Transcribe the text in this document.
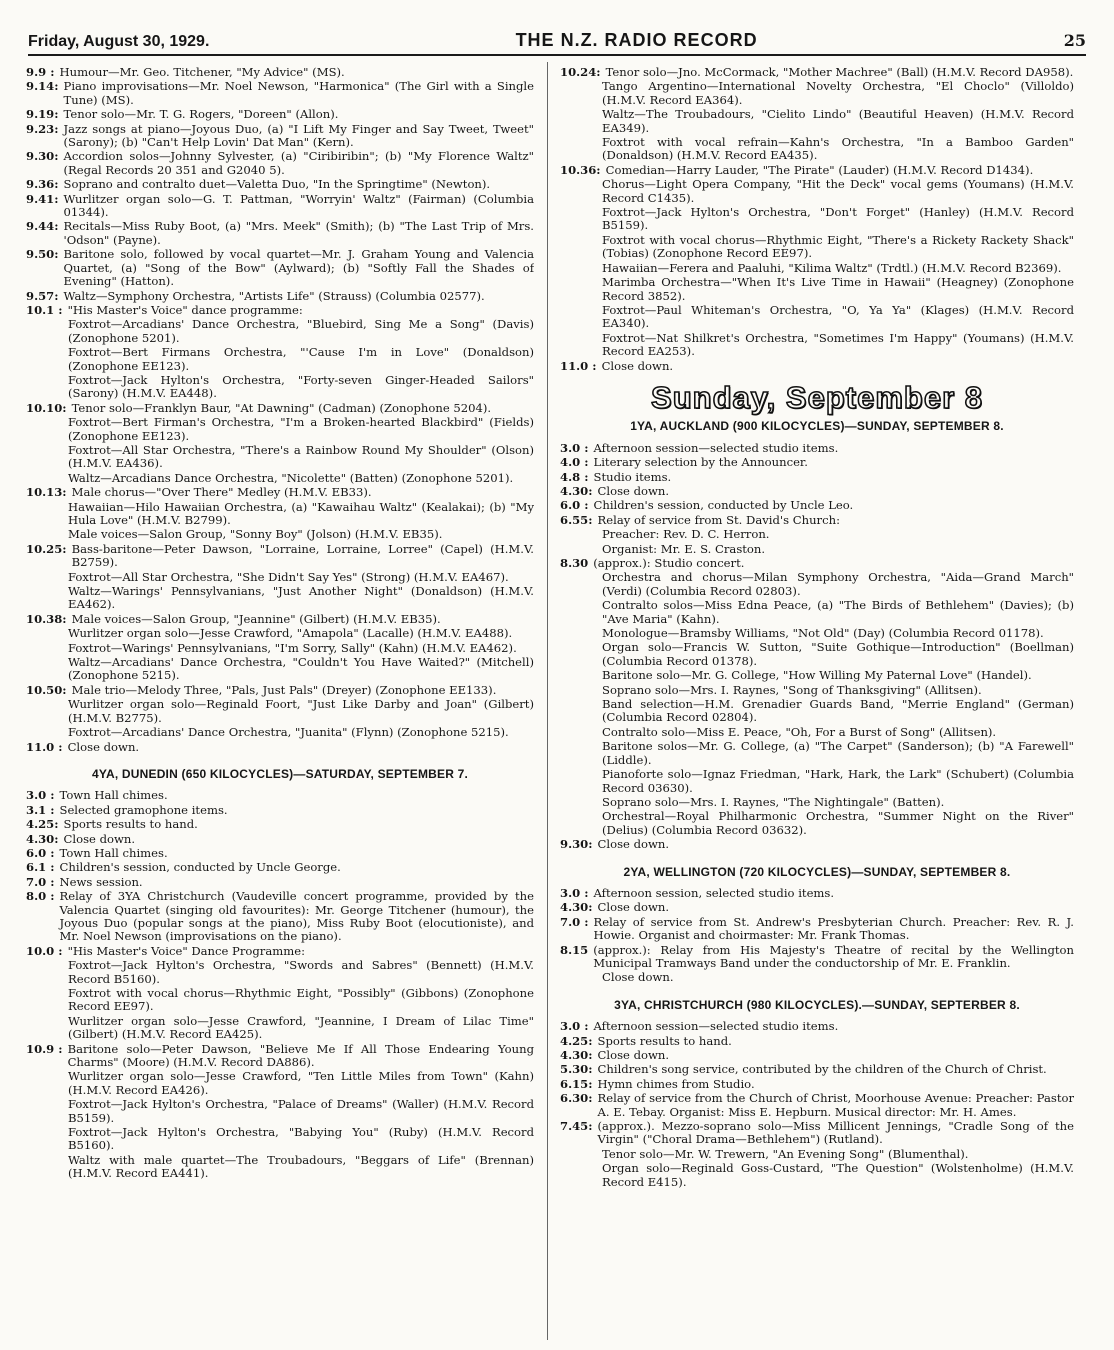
Friday, August 30, 1929.	THE N.Z. RADIO RECORD	25
9.9 : Humour—Mr. Geo. Titchener, "My Advice" (MS).
9.14: Piano improvisations—Mr. Noel Newson, "Harmonica" (The Girl with a Single Tune) (MS).
9.19: Tenor solo—Mr. T. G. Rogers, "Doreen" (Allon).
9.23: Jazz songs at piano—Joyous Duo, (a) "I Lift My Finger and Say Tweet, Tweet" (Sarony); (b) "Can't Help Lovin' Dat Man" (Kern).
9.30: Accordion solos—Johnny Sylvester, (a) "Ciribiribin"; (b) "My Florence Waltz" (Regal Records 20 351 and G2040 5).
9.36: Soprano and contralto duet—Valetta Duo, "In the Springtime" (Newton).
9.41: Wurlitzer organ solo—G. T. Pattman, "Worryin' Waltz" (Fairman) (Columbia 01344).
9.44: Recitals—Miss Ruby Boot, (a) "Mrs. Meek" (Smith); (b) "The Last Trip of Mrs. 'Odson" (Payne).
9.50: Baritone solo, followed by vocal quartet—Mr. J. Graham Young and Valencia Quartet, (a) "Song of the Bow" (Aylward); (b) "Softly Fall the Shades of Evening" (Hatton).
9.57: Waltz—Symphony Orchestra, "Artists Life" (Strauss) (Columbia 02577).
10.1 : "His Master's Voice" dance programme:
Foxtrot—Arcadians' Dance Orchestra, "Bluebird, Sing Me a Song" (Davis) (Zonophone 5201).
Foxtrot—Bert Firmans Orchestra, "'Cause I'm in Love" (Donaldson) (Zonophone EE123).
Foxtrot—Jack Hylton's Orchestra, "Forty-seven Ginger-Headed Sailors" (Sarony) (H.M.V. EA448).
10.10: Tenor solo—Franklyn Baur, "At Dawning" (Cadman) (Zonophone 5204).
Foxtrot—Bert Firman's Orchestra, "I'm a Broken-hearted Blackbird" (Fields) (Zonophone EE123).
Foxtrot—All Star Orchestra, "There's a Rainbow Round My Shoulder" (Olson) (H.M.V. EA436).
Waltz—Arcadians Dance Orchestra, "Nicolette" (Batten) (Zonophone 5201).
10.13: Male chorus—"Over There" Medley (H.M.V. EB33).
Hawaiian—Hilo Hawaiian Orchestra, (a) "Kawaihau Waltz" (Kealakai); (b) "My Hula Love" (H.M.V. B2799).
Male voices—Salon Group, "Sonny Boy" (Jolson) (H.M.V. EB35).
10.25: Bass-baritone—Peter Dawson, "Lorraine, Lorraine, Lorree" (Capel) (H.M.V. B2759).
Foxtrot—All Star Orchestra, "She Didn't Say Yes" (Strong) (H.M.V. EA467).
Waltz—Warings' Pennsylvanians, "Just Another Night" (Donaldson) (H.M.V. EA462).
10.38: Male voices—Salon Group, "Jeannine" (Gilbert) (H.M.V. EB35).
Wurlitzer organ solo—Jesse Crawford, "Amapola" (Lacalle) (H.M.V. EA488).
Foxtrot—Warings' Pennsylvanians, "I'm Sorry, Sally" (Kahn) (H.M.V. EA462).
Waltz—Arcadians' Dance Orchestra, "Couldn't You Have Waited?" (Mitchell) (Zonophone 5215).
10.50: Male trio—Melody Three, "Pals, Just Pals" (Dreyer) (Zonophone EE133).
Wurlitzer organ solo—Reginald Foort, "Just Like Darby and Joan" (Gilbert) (H.M.V. B2775).
Foxtrot—Arcadians' Dance Orchestra, "Juanita" (Flynn) (Zonophone 5215).
11.0 : Close down.
4YA, DUNEDIN (650 KILOCYCLES)—SATURDAY, SEPTEMBER 7.
3.0 : Town Hall chimes.
3.1 : Selected gramophone items.
4.25: Sports results to hand.
4.30: Close down.
6.0 : Town Hall chimes.
6.1 : Children's session, conducted by Uncle George.
7.0 : News session.
8.0 : Relay of 3YA Christchurch (Vaudeville concert programme, provided by the Valencia Quartet (singing old favourites): Mr. George Titchener (humour), the Joyous Duo (popular songs at the piano), Miss Ruby Boot (elocutioniste), and Mr. Noel Newson (improvisations on the piano).
10.0 : "His Master's Voice" Dance Programme:
Foxtrot—Jack Hylton's Orchestra, "Swords and Sabres" (Bennett) (H.M.V. Record B5160).
Foxtrot with vocal chorus—Rhythmic Eight, "Possibly" (Gibbons) (Zonophone Record EE97).
Wurlitzer organ solo—Jesse Crawford, "Jeannine, I Dream of Lilac Time" (Gilbert) (H.M.V. Record EA425).
10.9 : Baritone solo—Peter Dawson, "Believe Me If All Those Endearing Young Charms" (Moore) (H.M.V. Record DA886).
Wurlitzer organ solo—Jesse Crawford, "Ten Little Miles from Town" (Kahn) (H.M.V. Record EA426).
Foxtrot—Jack Hylton's Orchestra, "Palace of Dreams" (Waller) (H.M.V. Record B5159).
Foxtrot—Jack Hylton's Orchestra, "Babying You" (Ruby) (H.M.V. Record B5160).
Waltz with male quartet—The Troubadours, "Beggars of Life" (Brennan) (H.M.V. Record EA441).
10.24: Tenor solo—Jno. McCormack, "Mother Machree" (Ball) (H.M.V. Record DA958).
Tango Argentino—International Novelty Orchestra, "El Choclo" (Villoldo) (H.M.V. Record EA364).
Waltz—The Troubadours, "Cielito Lindo" (Beautiful Heaven) (H.M.V. Record EA349).
Foxtrot with vocal refrain—Kahn's Orchestra, "In a Bamboo Garden" (Donaldson) (H.M.V. Record EA435).
10.36: Comedian—Harry Lauder, "The Pirate" (Lauder) (H.M.V. Record D1434).
Chorus—Light Opera Company, "Hit the Deck" vocal gems (Youmans) (H.M.V. Record C1435).
Foxtrot—Jack Hylton's Orchestra, "Don't Forget" (Hanley) (H.M.V. Record B5159).
Foxtrot with vocal chorus—Rhythmic Eight, "There's a Rickety Rackety Shack" (Tobias) (Zonophone Record EE97).
Hawaiian—Ferera and Paaluhi, "Kilima Waltz" (Trdtl.) (H.M.V. Record B2369).
Marimba Orchestra—"When It's Live Time in Hawaii" (Heagney) (Zonophone Record 3852).
Foxtrot—Paul Whiteman's Orchestra, "O, Ya Ya" (Klages) (H.M.V. Record EA340).
Foxtrot—Nat Shilkret's Orchestra, "Sometimes I'm Happy" (Youmans) (H.M.V. Record EA253).
11.0 : Close down.
Sunday, September 8
1YA, AUCKLAND (900 KILOCYCLES)—SUNDAY, SEPTEMBER 8.
3.0 : Afternoon session—selected studio items.
4.0 : Literary selection by the Announcer.
4.8 : Studio items.
4.30: Close down.
6.0 : Children's session, conducted by Uncle Leo.
6.55: Relay of service from St. David's Church:
Preacher: Rev. D. C. Herron.
Organist: Mr. E. S. Craston.
8.30 (approx.): Studio concert.
Orchestra and chorus—Milan Symphony Orchestra, "Aida—Grand March" (Verdi) (Columbia Record 02803).
Contralto solos—Miss Edna Peace, (a) "The Birds of Bethlehem" (Davies); (b) "Ave Maria" (Kahn).
Monologue—Bramsby Williams, "Not Old" (Day) (Columbia Record 01178).
Organ solo—Francis W. Sutton, "Suite Gothique—Introduction" (Boellman) (Columbia Record 01378).
Baritone solo—Mr. G. College, "How Willing My Paternal Love" (Handel).
Soprano solo—Mrs. I. Raynes, "Song of Thanksgiving" (Allitsen).
Band selection—H.M. Grenadier Guards Band, "Merrie England" (German) (Columbia Record 02804).
Contralto solo—Miss E. Peace, "Oh, For a Burst of Song" (Allitsen).
Baritone solos—Mr. G. College, (a) "The Carpet" (Sanderson); (b) "A Farewell" (Liddle).
Pianoforte solo—Ignaz Friedman, "Hark, Hark, the Lark" (Schubert) (Columbia Record 03630).
Soprano solo—Mrs. I. Raynes, "The Nightingale" (Batten).
Orchestral—Royal Philharmonic Orchestra, "Summer Night on the River" (Delius) (Columbia Record 03632).
9.30: Close down.
2YA, WELLINGTON (720 KILOCYCLES)—SUNDAY, SEPTEMBER 8.
3.0 : Afternoon session, selected studio items.
4.30: Close down.
7.0 : Relay of service from St. Andrew's Presbyterian Church. Preacher: Rev. R. J. Howie. Organist and choirmaster: Mr. Frank Thomas.
8.15 (approx.): Relay from His Majesty's Theatre of recital by the Wellington Municipal Tramways Band under the conductorship of Mr. E. Franklin.
Close down.
3YA, CHRISTCHURCH (980 KILOCYCLES).—SUNDAY, SEPTERBER 8.
3.0 : Afternoon session—selected studio items.
4.25: Sports results to hand.
4.30: Close down.
5.30: Children's song service, contributed by the children of the Church of Christ.
6.15: Hymn chimes from Studio.
6.30: Relay of service from the Church of Christ, Moorhouse Avenue: Preacher: Pastor A. E. Tebay. Organist: Miss E. Hepburn. Musical director: Mr. H. Ames.
7.45: (approx.). Mezzo-soprano solo—Miss Millicent Jennings, "Cradle Song of the Virgin" ("Choral Drama—Bethlehem") (Rutland).
Tenor solo—Mr. W. Trewern, "An Evening Song" (Blumenthal).
Organ solo—Reginald Goss-Custard, "The Question" (Wolstenholme) (H.M.V. Record E415).
